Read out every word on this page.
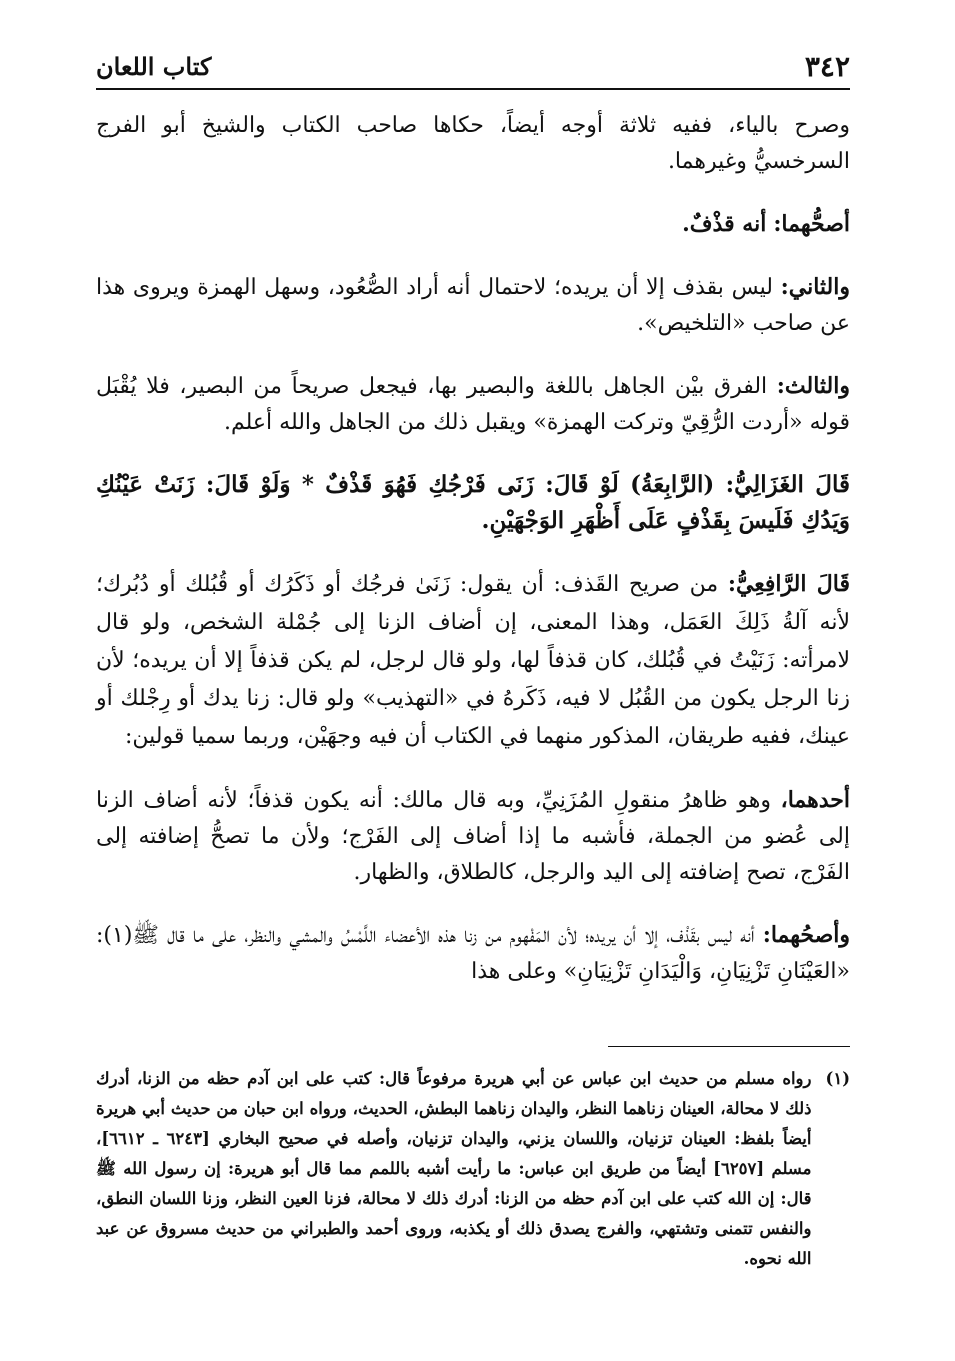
٣٤٢
كتاب اللعان

وصرح بالياء، ففيه ثلاثة أوجه أيضاً، حكاها صاحب الكتاب والشيخ أبو الفرج السرخسيُّ وغيرهما.

أصحُّهما: أنه قذْفٌ.

والثاني: ليس بقذف إلا أن يريده؛ لاحتمال أنه أراد الصُّعُود، وسهل الهمزة ويروى هذا عن صاحب «التلخيص».

والثالث: الفرق بيْن الجاهل باللغة والبصير بها، فيجعل صريحاً من البصير، فلا يُقْبَل قوله «أردت الرُّقِيّ وتركت الهمزة» ويقبل ذلك من الجاهل والله أعلم.

قَالَ الغَزَالِيُّ: (الرَّابِعَةُ) لَوْ قَالَ: زَنَى فَرْجُكِ فَهُوَ قَذْفٌ * وَلَوْ قَالَ: زَنَتْ عَيْنُكِ وَيَدُكِ فَلَيسَ بِقَذْفٍ عَلَى أَظْهَرِ الوَجْهَيْنِ.

قَالَ الرَّافِعِيُّ: من صريح القَذف: أن يقول: زَنَىٰ فرجُك أو ذَكَرُك أو قُبُلك أو دُبُرك؛ لأنه آلةُ ذَلِكَ العَمَل، وهذا المعنى، إن أضاف الزنا إلى جُمْلة الشخص، ولو قال لامرأته: زَنَيْتُ في قُبُلك، كان قذفاً لها، ولو قال لرجل، لم يكن قذفاً إلا أن يريده؛ لأن زنا الرجل يكون من القُبُل لا فيه، ذَكَرهُ في «التهذيب» ولو قال: زنا يدك أو رِجْلك أو عينك، ففيه طريقان، المذكور منهما في الكتاب أن فيه وجهَيْن، وربما سميا قولين:

أحدهما، وهو ظاهرُ منقولِ المُزَنِيِّ، وبه قال مالك: أنه يكون قذفاً؛ لأنه أضاف الزنا إلى عُضو من الجملة، فأشبه ما إذا أضاف إلى الفَرْج؛ ولأن ما تصحُّ إضافته إلى الفَرْج، تصح إضافته إلى اليد والرجل، كالطلاق، والظهار.

وأصحُهما: أنه ليس بقَذْف، إلا أن يريده؛ لأن المَفْهوم من زنا هذه الأعضاء اللَّمْسُ والمشي والنظر، على ما قال ﷺ(١): «العَيْنَانِ تَزْنِيَانِ، وَالْيَدَانِ تَزْنِيَانِ» وعلى هذا

(١)
رواه مسلم من حديث ابن عباس عن أبي هريرة مرفوعاً قال: كتب على ابن آدم حظه من الزنا، أدرك ذلك لا محالة، العينان زناهما النظر، واليدان زناهما البطش، الحديث، ورواه ابن حبان من حديث أبي هريرة أيضاً بلفظ: العينان تزنيان، واللسان يزني، واليدان تزنيان، وأصله في صحيح البخاري [٦٢٤٣ ـ ٦٦١٢]، مسلم [٦٢٥٧] أيضاً من طريق ابن عباس: ما رأيت أشبه باللمم مما قال أبو هريرة: إن رسول الله ﷺ قال: إن الله كتب على ابن آدم حظه من الزنا: أدرك ذلك لا محالة، فزنا العين النظر، وزنا اللسان النطق، والنفس تتمنى وتشتهي، والفرج يصدق ذلك أو يكذبه، وروى أحمد والطبراني من حديث مسروق عن عبد الله نحوه.
